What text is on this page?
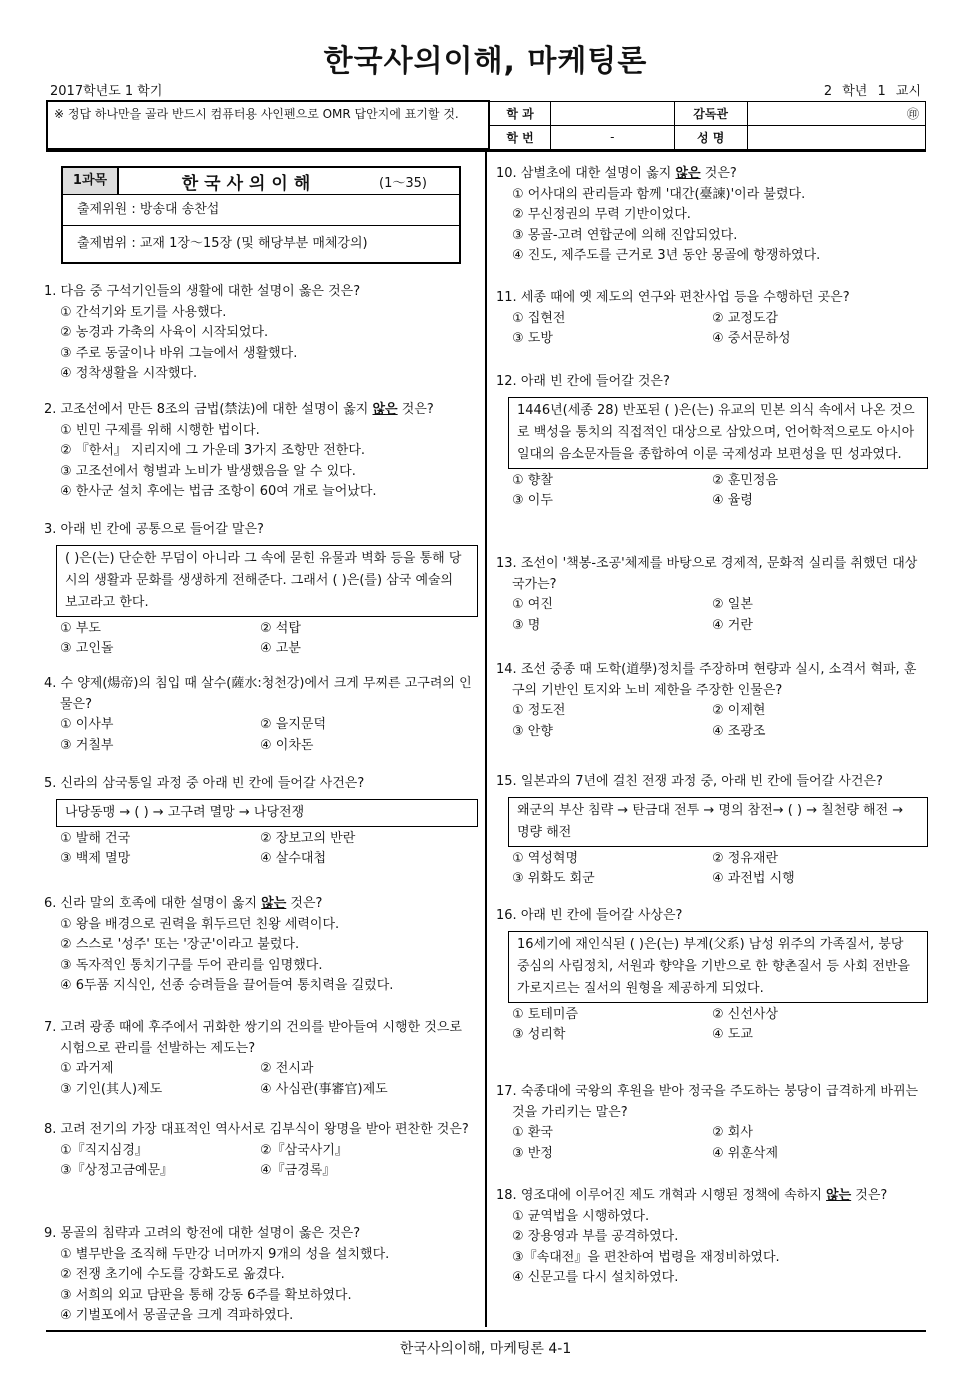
한국사의이해, 마케팅론
2017학년도 1 학기	2 학년 1 교시
※ 정답 하나만을 골라 반드시 컴퓨터용 사인펜으로 OMR 답안지에 표기할 것.	학 과		감독관	㊞
	학 번	-	성 명	
1과목	한국사의이해	(1～35)
출제위원 : 방송대 송찬섭
출제범위 : 교재 1장～15장 (및 해당부분 매체강의)
1. 다음 중 구석기인들의 생활에 대한 설명이 옳은 것은?
① 간석기와 토기를 사용했다.
② 농경과 가축의 사육이 시작되었다.
③ 주로 동굴이나 바위 그늘에서 생활했다.
④ 정착생활을 시작했다.
2. 고조선에서 만든 8조의 금법(禁法)에 대한 설명이 옳지 않은 것은?
① 빈민 구제를 위해 시행한 법이다.
② 『한서』 지리지에 그 가운데 3가지 조항만 전한다.
③ 고조선에서 형벌과 노비가 발생했음을 알 수 있다.
④ 한사군 설치 후에는 법금 조항이 60여 개로 늘어났다.
3. 아래 빈 칸에 공통으로 들어갈 말은?
( )은(는) 단순한 무덤이 아니라 그 속에 묻힌 유물과 벽화 등을 통해 당시의 생활과 문화를 생생하게 전해준다. 그래서 ( )은(를) 삼국 예술의 보고라고 한다.
① 부도	② 석탑
③ 고인돌	④ 고분
4. 수 양제(煬帝)의 침입 때 살수(薩水:청천강)에서 크게 무찌른 고구려의 인물은?
① 이사부	② 을지문덕
③ 거칠부	④ 이차돈
5. 신라의 삼국통일 과정 중 아래 빈 칸에 들어갈 사건은?
나당동맹 → ( ) → 고구려 멸망 → 나당전쟁
① 발해 건국	② 장보고의 반란
③ 백제 멸망	④ 살수대첩
6. 신라 말의 호족에 대한 설명이 옳지 않는 것은?
① 왕을 배경으로 권력을 휘두르던 친왕 세력이다.
② 스스로 '성주' 또는 '장군'이라고 불렀다.
③ 독자적인 통치기구를 두어 관리를 임명했다.
④ 6두품 지식인, 선종 승려들을 끌어들여 통치력을 길렀다.
7. 고려 광종 때에 후주에서 귀화한 쌍기의 건의를 받아들여 시행한 것으로 시험으로 관리를 선발하는 제도는?
① 과거제	② 전시과
③ 기인(其人)제도	④ 사심관(事審官)제도
8. 고려 전기의 가장 대표적인 역사서로 김부식이 왕명을 받아 편찬한 것은?
①『직지심경』	②『삼국사기』
③『상정고금예문』	④『금경록』
9. 몽골의 침략과 고려의 항전에 대한 설명이 옳은 것은?
① 별무반을 조직해 두만강 너머까지 9개의 성을 설치했다.
② 전쟁 초기에 수도를 강화도로 옮겼다.
③ 서희의 외교 담판을 통해 강동 6주를 확보하였다.
④ 기벌포에서 몽골군을 크게 격파하였다.
10. 삼별초에 대한 설명이 옳지 않은 것은?
① 어사대의 관리들과 함께 '대간(臺諫)'이라 불렸다.
② 무신정권의 무력 기반이었다.
③ 몽골-고려 연합군에 의해 진압되었다.
④ 진도, 제주도를 근거로 3년 동안 몽골에 항쟁하였다.
11. 세종 때에 옛 제도의 연구와 편찬사업 등을 수행하던 곳은?
① 집현전	② 교정도감
③ 도방	④ 중서문하성
12. 아래 빈 칸에 들어갈 것은?
1446년(세종 28) 반포된 ( )은(는) 유교의 민본 의식 속에서 나온 것으로 백성을 통치의 직접적인 대상으로 삼았으며, 언어학적으로도 아시아 일대의 음소문자들을 종합하여 이룬 국제성과 보편성을 띤 성과였다.
① 향찰	② 훈민정음
③ 이두	④ 율령
13. 조선이 '책봉-조공'체제를 바탕으로 경제적, 문화적 실리를 취했던 대상 국가는?
① 여진	② 일본
③ 명	④ 거란
14. 조선 중종 때 도학(道學)정치를 주장하며 현량과 실시, 소격서 혁파, 훈구의 기반인 토지와 노비 제한을 주장한 인물은?
① 정도전	② 이제현
③ 안향	④ 조광조
15. 일본과의 7년에 걸친 전쟁 과정 중, 아래 빈 칸에 들어갈 사건은?
왜군의 부산 침략 → 탄금대 전투 → 명의 참전→ ( ) → 칠천량 해전 → 명량 해전
① 역성혁명	② 정유재란
③ 위화도 회군	④ 과전법 시행
16. 아래 빈 칸에 들어갈 사상은?
16세기에 재인식된 ( )은(는) 부계(父系) 남성 위주의 가족질서, 붕당 중심의 사림정치, 서원과 향약을 기반으로 한 향촌질서 등 사회 전반을 가로지르는 질서의 원형을 제공하게 되었다.
① 토테미즘	② 신선사상
③ 성리학	④ 도교
17. 숙종대에 국왕의 후원을 받아 정국을 주도하는 붕당이 급격하게 바뀌는 것을 가리키는 말은?
① 환국	② 회사
③ 반정	④ 위훈삭제
18. 영조대에 이루어진 제도 개혁과 시행된 정책에 속하지 않는 것은?
① 균역법을 시행하였다.
② 장용영과 부를 공격하였다.
③『속대전』을 편찬하여 법령을 재정비하였다.
④ 신문고를 다시 설치하였다.
한국사의이해, 마케팅론 4-1
